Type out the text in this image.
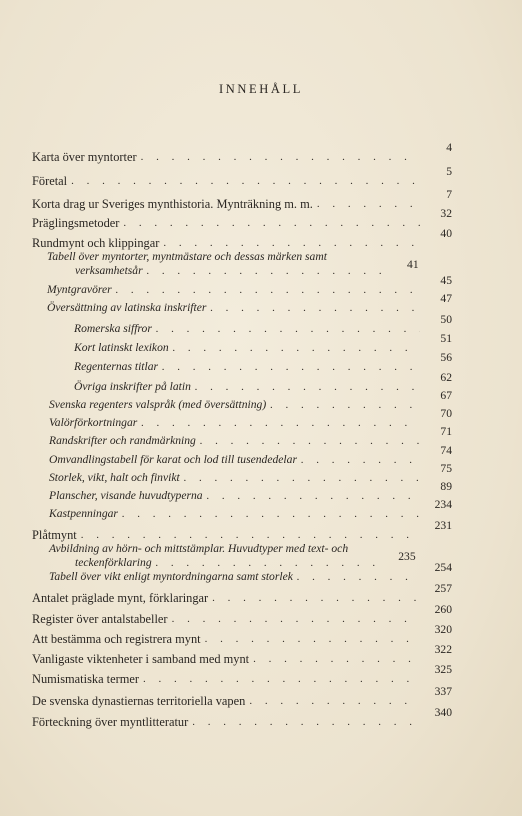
INNEHÅLL
Karta över myntorter
. . .
4
Företal
. . .
5
Korta drag ur Sveriges mynthistoria. Mynträkning m. m.
. . .
7
Präglingsmetoder
. . .
32
Rundmynt och klippingar
. . .
40
Tabell över myntorter, myntmästare och dessas märken samt
verksamhetsår . . .	41
Myntgravörer
. . .
45
Översättning av latinska inskrifter
. . .
47
Romerska siffror
. . .
50
Kort latinskt lexikon
. . .
51
Regenternas titlar
. . .
56
Övriga inskrifter på latin
. . .
62
Svenska regenters valspråk (med översättning)
. . .
67
Valörförkortningar
. . .
70
Randskrifter och randmärkning
. . .
71
Omvandlingstabell för karat och lod till tusendedelar
. . .
74
Storlek, vikt, halt och finvikt
. . .
75
Planscher, visande huvudtyperna
. . .
89
Kastpenningar
. . .
234
Plåtmynt
. . .
231
Avbildning av hörn- och mittstämplar. Huvudtyper med text- och
teckenförklaring . . .	235
Tabell över vikt enligt myntordningarna samt storlek
. . .
254
Antalet präglade mynt, förklaringar
. . .
257
Register över antalstabeller
. . .
260
Att bestämma och registrera mynt
. . .
320
Vanligaste viktenheter i samband med mynt
. . .
322
Numismatiska termer
. . .
325
De svenska dynastiernas territoriella vapen
. . .
337
Förteckning över myntlitteratur
. . .
340
